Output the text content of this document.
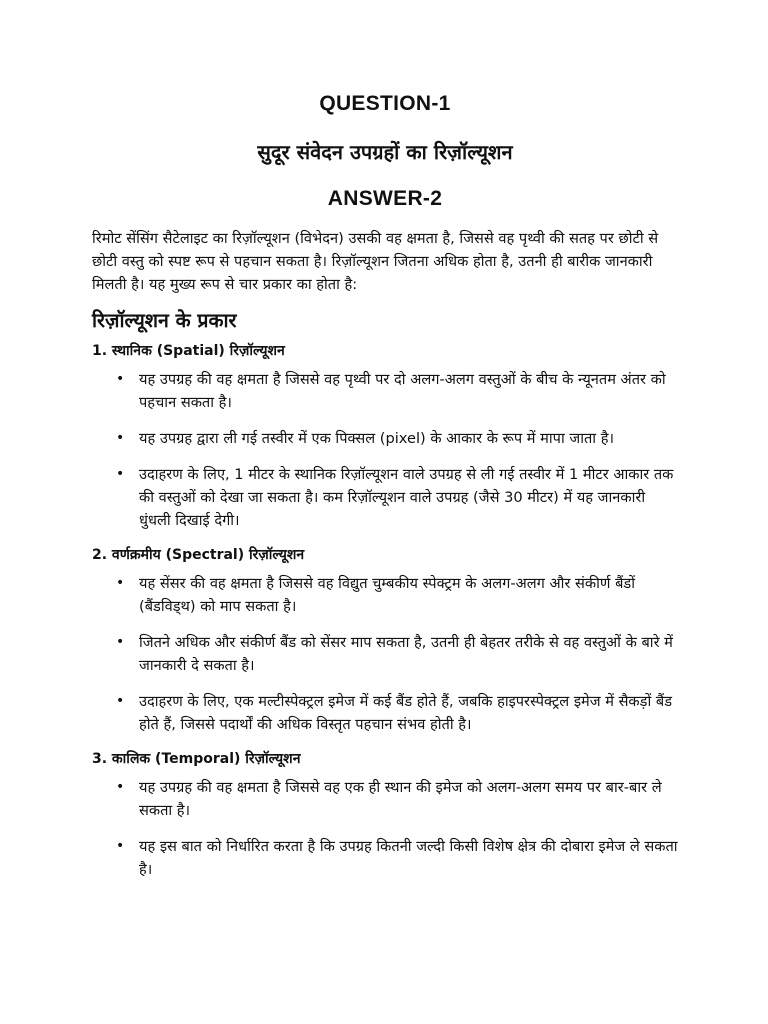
QUESTION-1
सुदूर संवेदन उपग्रहों का रिज़ॉल्यूशन
ANSWER-2

रिमोट सेंसिंग सैटेलाइट का रिज़ॉल्यूशन (विभेदन) उसकी वह क्षमता है, जिससे वह पृथ्वी की सतह पर छोटी से छोटी वस्तु को स्पष्ट रूप से पहचान सकता है। रिज़ॉल्यूशन जितना अधिक होता है, उतनी ही बारीक जानकारी मिलती है। यह मुख्य रूप से चार प्रकार का होता है:

रिज़ॉल्यूशन के प्रकार
1. स्थानिक (Spatial) रिज़ॉल्यूशन
• यह उपग्रह की वह क्षमता है जिससे वह पृथ्वी पर दो अलग-अलग वस्तुओं के बीच के न्यूनतम अंतर को पहचान सकता है।
• यह उपग्रह द्वारा ली गई तस्वीर में एक पिक्सल (pixel) के आकार के रूप में मापा जाता है।
• उदाहरण के लिए, 1 मीटर के स्थानिक रिज़ॉल्यूशन वाले उपग्रह से ली गई तस्वीर में 1 मीटर आकार तक की वस्तुओं को देखा जा सकता है। कम रिज़ॉल्यूशन वाले उपग्रह (जैसे 30 मीटर) में यह जानकारी धुंधली दिखाई देगी।
2. वर्णक्रमीय (Spectral) रिज़ॉल्यूशन
• यह सेंसर की वह क्षमता है जिससे वह विद्युत चुम्बकीय स्पेक्ट्रम के अलग-अलग और संकीर्ण बैंडों (बैंडविड्थ) को माप सकता है।
• जितने अधिक और संकीर्ण बैंड को सेंसर माप सकता है, उतनी ही बेहतर तरीके से वह वस्तुओं के बारे में जानकारी दे सकता है।
• उदाहरण के लिए, एक मल्टीस्पेक्ट्रल इमेज में कई बैंड होते हैं, जबकि हाइपरस्पेक्ट्रल इमेज में सैकड़ों बैंड होते हैं, जिससे पदार्थों की अधिक विस्तृत पहचान संभव होती है।
3. कालिक (Temporal) रिज़ॉल्यूशन
• यह उपग्रह की वह क्षमता है जिससे वह एक ही स्थान की इमेज को अलग-अलग समय पर बार-बार ले सकता है।
• यह इस बात को निर्धारित करता है कि उपग्रह कितनी जल्दी किसी विशेष क्षेत्र की दोबारा इमेज ले सकता है।
